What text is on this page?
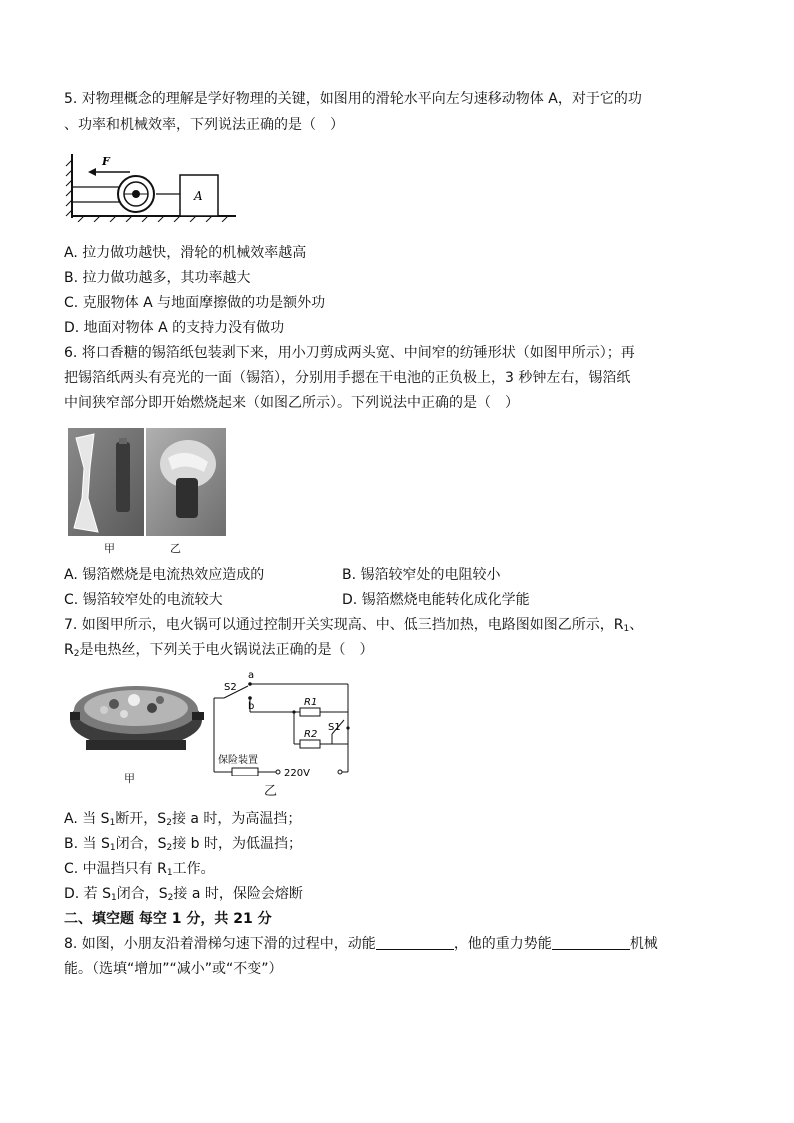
5. 对物理概念的理解是学好物理的关键，如图用的滑轮水平向左匀速移动物体 A，对于它的功
、功率和机械效率，下列说法正确的是（　）
F
A
A. 拉力做功越快，滑轮的机械效率越高
B. 拉力做功越多，其功率越大
C. 克服物体 A 与地面摩擦做的功是额外功
D. 地面对物体 A 的支持力没有做功
6. 将口香糖的锡箔纸包装剥下来，用小刀剪成两头宽、中间窄的纺锤形状（如图甲所示）；再
把锡箔纸两头有亮光的一面（锡箔），分别用手摁在干电池的正负极上，3 秒钟左右，锡箔纸
中间狭窄部分即开始燃烧起来（如图乙所示）。下列说法中正确的是（　）
甲	乙
A. 锡箔燃烧是电流热效应造成的	B. 锡箔较窄处的电阻较小
C. 锡箔较窄处的电流较大	D. 锡箔燃烧电能转化成化学能
7. 如图甲所示，电火锅可以通过控制开关实现高、中、低三挡加热，电路图如图乙所示，$R_1$、
$R_2$是电热丝，下列关于电火锅说法正确的是（　）
甲
S2
a
b	R1
R2
S1
保险装置
220V
乙
A. 当 $S_1$断开，$S_2$接 a 时，为高温挡；
B. 当 $S_1$闭合，$S_2$接 b 时，为低温挡；
C. 中温挡只有 $R_1$工作。
D. 若 $S_1$闭合，$S_2$接 a 时，保险会熔断
二、填空题 每空 1 分，共 21 分
8. 如图，小朋友沿着滑梯匀速下滑的过程中，动能	，他的重力势能	机械
能。（选填“增加”“减小”或“不变”）
